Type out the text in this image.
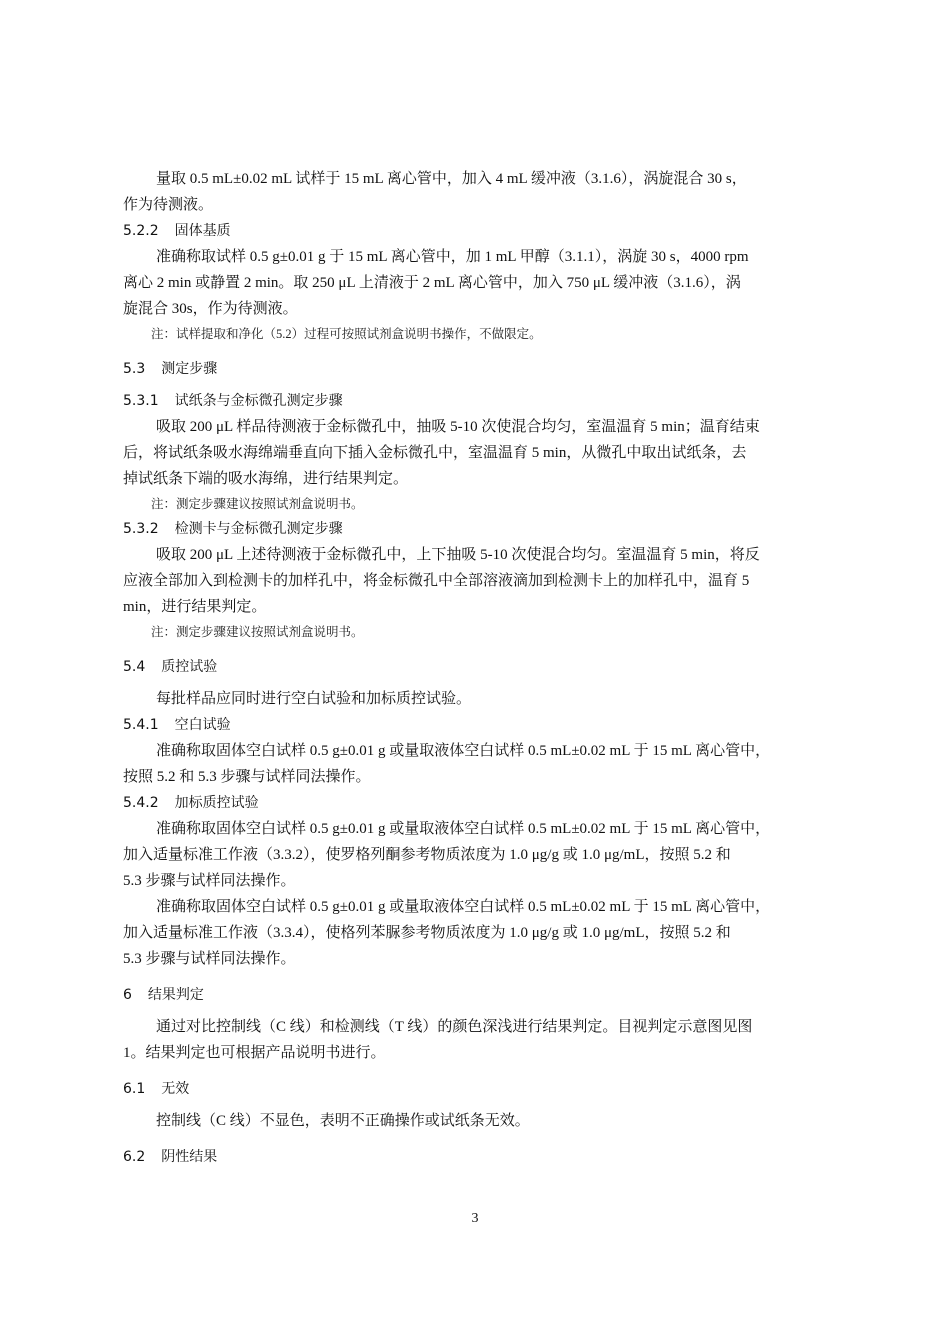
量取 0.5 mL±0.02 mL 试样于 15 mL 离心管中，加入 4 mL 缓冲液（3.1.6），涡旋混合 30 s，
作为待测液。

5.2.2 固体基质

准确称取试样 0.5 g±0.01 g 于 15 mL 离心管中，加 1 mL 甲醇（3.1.1），涡旋 30 s，4000 rpm
离心 2 min 或静置 2 min。取 250 μL 上清液于 2 mL 离心管中，加入 750 μL 缓冲液（3.1.6），涡
旋混合 30s，作为待测液。

注：试样提取和净化（5.2）过程可按照试剂盒说明书操作，不做限定。

5.3 测定步骤
5.3.1 试纸条与金标微孔测定步骤

吸取 200 μL 样品待测液于金标微孔中，抽吸 5-10 次使混合均匀，室温温育 5 min；温育结束
后，将试纸条吸水海绵端垂直向下插入金标微孔中，室温温育 5 min，从微孔中取出试纸条，去
掉试纸条下端的吸水海绵，进行结果判定。

注：测定步骤建议按照试剂盒说明书。

5.3.2 检测卡与金标微孔测定步骤

吸取 200 μL 上述待测液于金标微孔中，上下抽吸 5-10 次使混合均匀。室温温育 5 min，将反
应液全部加入到检测卡的加样孔中，将金标微孔中全部溶液滴加到检测卡上的加样孔中，温育 5
min，进行结果判定。

注：测定步骤建议按照试剂盒说明书。

5.4 质控试验

每批样品应同时进行空白试验和加标质控试验。

5.4.1 空白试验

准确称取固体空白试样 0.5 g±0.01 g 或量取液体空白试样 0.5 mL±0.02 mL 于 15 mL 离心管中，
按照 5.2 和 5.3 步骤与试样同法操作。

5.4.2 加标质控试验

准确称取固体空白试样 0.5 g±0.01 g 或量取液体空白试样 0.5 mL±0.02 mL 于 15 mL 离心管中，
加入适量标准工作液（3.3.2），使罗格列酮参考物质浓度为 1.0 μg/g 或 1.0 μg/mL，按照 5.2 和
5.3 步骤与试样同法操作。

准确称取固体空白试样 0.5 g±0.01 g 或量取液体空白试样 0.5 mL±0.02 mL 于 15 mL 离心管中，
加入适量标准工作液（3.3.4），使格列苯脲参考物质浓度为 1.0 μg/g 或 1.0 μg/mL，按照 5.2 和
5.3 步骤与试样同法操作。

6 结果判定

通过对比控制线（C 线）和检测线（T 线）的颜色深浅进行结果判定。目视判定示意图见图
1。结果判定也可根据产品说明书进行。

6.1 无效

控制线（C 线）不显色，表明不正确操作或试纸条无效。

6.2 阴性结果
3
